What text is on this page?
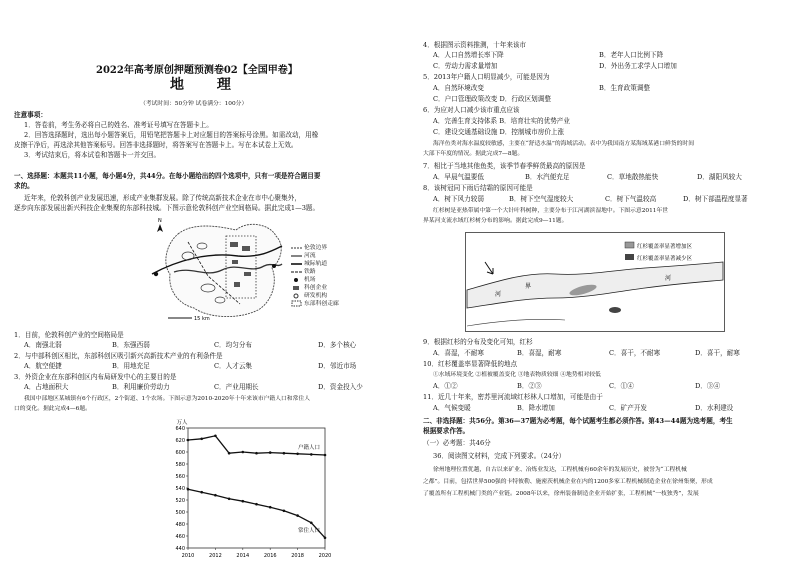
2022年高考原创押题预测卷02【全国甲卷】
地 理
（考试时间：50分钟 试卷满分：100分）
注意事项：
1．答卷前，考生务必将自己的姓名、准考证号填写在答题卡上。
2．回答选择题时，选出每小题答案后，用铅笔把答题卡上对应题目的答案标号涂黑。如需改动，用橡
皮擦干净后，再选涂其他答案标号。回答非选择题时，将答案写在答题卡上。写在本试卷上无效。
3．考试结束后，将本试卷和答题卡一并交回。
一、选择题：本题共11小题，每小题4分，共44分。在每小题给出的四个选项中，只有一项是符合题目要
求的。
近年来，伦敦科创产业发展迅速，形成产业集群发展。除了传统高新技术企业在市中心聚集外，
逐步向东部发展出新兴科技企业集聚的东部科技城。下图示意伦敦科创产业空间格局。据此完成1—3题。
N
15 km
伦敦边界
河流
城际轨道
铁路
机场
科创企业
研发机构
东部科创走廊
1．目前，伦敦科创产业的空间格局是
A．南强北弱	B．东强西弱	C．均匀分布	D．多个核心
2．与中部科创区相比，东部科创区吸引新兴高新技术产业的有利条件是
A．航空便捷	B．用地充足	C．人才云集	D．邻近市场
3．外资企业在东部科创区内布局研发中心的主要目的是
A．占地面积大	B．利用廉价劳动力	C．产业用期长	D．资金投入少
我国中部地区某城镇有6个行政区，2个街道、1个农场。下图示意为2010-2020年十年来该市户籍人口和常住人
口的变化。据此完成4—6题。
640
620
600
580
560
540
520
500
480
460
440
2010	2012	2014	2016	2018	2020
万人
户籍人口
常住人口
4．根据图示资料推测，十年来该市
A．人口自然增长率下降	B．老年人口比例下降
C．劳动力需求量增加	D．外出务工求学人口增加
5．2013年户籍人口明显减少，可能是因为
A．自然环境改变	B．生育政策调整
C．户口管理政策改变 D．行政区划调整
6．为应对人口减少该市重点应该
A．完善生育支持体系 B．培育壮实的优势产业
C．建设交通基础设施 D．控制城市房价上涨
海洋鱼类对海水温度较敏感，主要在“舒适水温”的海域活动。表中为我国南方某海域某港口鲜货的时间
大部下年度的情况。据此完成7—8题。
7．相比于当地其他鱼类，该季节春季鲜货最高的原因是
A．早晨气温要低	B．水汽便充足	C．草地散热能快	D．湖阳风较大
8．该树冠同下雨后结霜的原因可能是
A．树下风力较弱	B．树下空气湿度较大	C．树下气温较高	D．树下部温程度显著
红杉树是亚热带属中第一个大针叶科树种，主要分布于江河湖滨湿地中。下图示意2011年世
界某河支流水域红杉树分布的影响。据此完成9—11题。
河
界
河
红杉覆盖率显著增加区
红杉覆盖率显著减少区
9．根据红杉的分布及变化可知，红杉
A．喜湿，不耐寒	B．喜湿，耐寒	C．喜干，不耐寒	D．喜干，耐寒
10．红杉覆盖率显著降低的地点
①水域环境变化 ②植被覆盖变化 ③地表物质较细 ④地势相对较低
A．①②	B．②③	C．①④	D．③④
11．近几十年来，密苏里河流域红杉林人口增加，可能是由于
A．气候变暖	B．降水增加	C．矿产开发	D．水利建设
二、非选择题：共56分。第36—37题为必考题，每个试题考生都必须作答。第43—44题为选考题，考生
根据要求作答。
（一）必考题：共46分
36．阅读图文材料，完成下列要求。（24分）
徐州地理位置优越，自古以来矿业、冶炼业发达，工程机械有60余年的发展历史，被誉为“工程机械
之都”。目前，包括世界500强的卡特彼勒、施密茨机械企业在内的1200多家工程机械制造企业在徐州集聚，形成
了覆盖所有工程机械门类的产业链。2008年以来，徐州装备制造企业开始扩张，工程机械“一枝独秀”，发展
